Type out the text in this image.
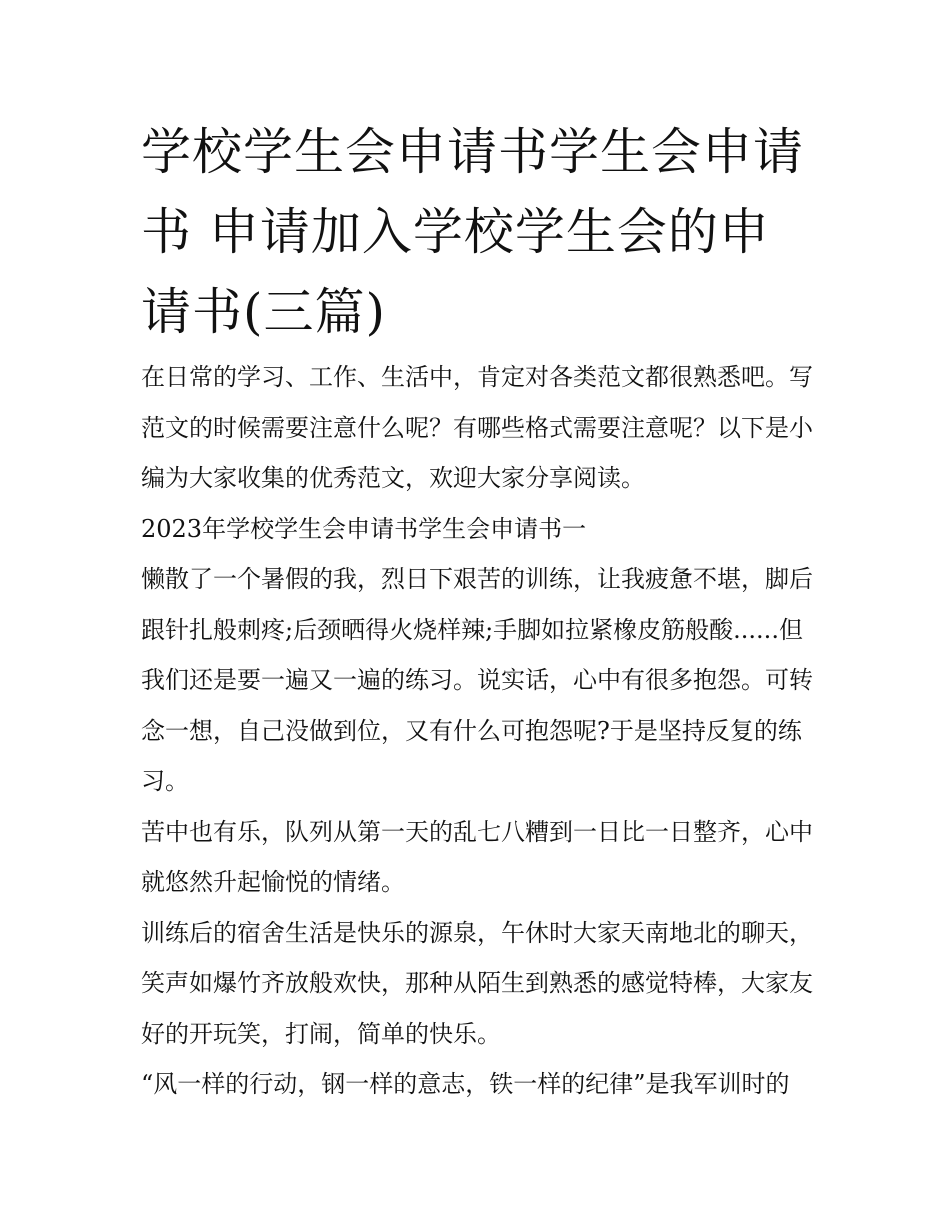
学校学生会申请书学生会申请书 申请加入学校学生会的申请书(三篇)

在日常的学习、工作、生活中，肯定对各类范文都很熟悉吧。写范文的时候需要注意什么呢？有哪些格式需要注意呢？以下是小编为大家收集的优秀范文，欢迎大家分享阅读。

2023年学校学生会申请书学生会申请书一

懒散了一个暑假的我，烈日下艰苦的训练，让我疲惫不堪，脚后跟针扎般刺疼;后颈晒得火烧样辣;手脚如拉紧橡皮筋般酸......但我们还是要一遍又一遍的练习。说实话，心中有很多抱怨。可转念一想，自己没做到位，又有什么可抱怨呢?于是坚持反复的练习。

苦中也有乐，队列从第一天的乱七八糟到一日比一日整齐，心中就悠然升起愉悦的情绪。

训练后的宿舍生活是快乐的源泉，午休时大家天南地北的聊天，笑声如爆竹齐放般欢快，那种从陌生到熟悉的感觉特棒，大家友好的开玩笑，打闹，简单的快乐。

“风一样的行动，钢一样的意志，铁一样的纪律”是我军训时的
